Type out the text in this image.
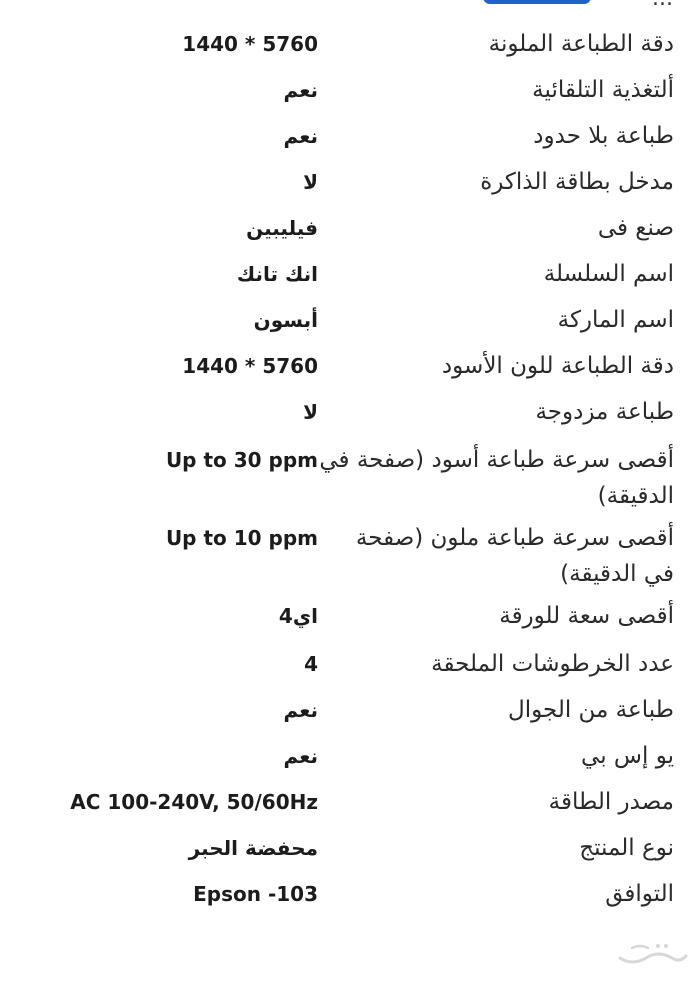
دقة الطباعة الملونة
1440 * 5760
ألتغذية التلقائية
نعم
طباعة بلا حدود
نعم
مدخل بطاقة الذاكرة
لا
صنع فى
فيليبين
اسم السلسلة
انك تانك
اسم الماركة
أبسون
دقة الطباعة للون الأسود
1440 * 5760
طباعة مزدوجة
لا
أقصى سرعة طباعة أسود (صفحة في الدقيقة)
Up to 30 ppm
أقصى سرعة طباعة ملون (صفحة في الدقيقة)
Up to 10 ppm
أقصى سعة للورقة
اي4
عدد الخرطوشات الملحقة
4
طباعة من الجوال
نعم
يو إس بي
نعم
مصدر الطاقة
AC 100-240V, 50/60Hz
نوع المنتج
محفضة الحبر
التوافق
Epson -103
